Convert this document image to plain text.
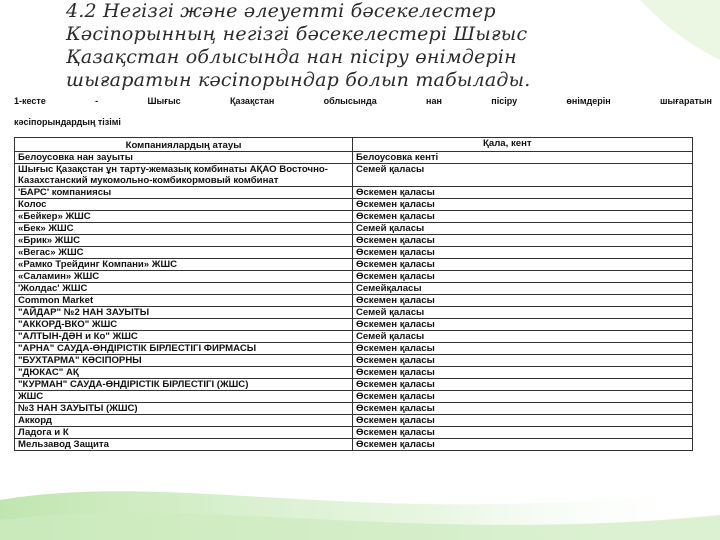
4.2 Негізгі және әлеуетті бәсекелестер
Кәсіпорынның негізгі бәсекелестері Шығыс
Қазақстан облысында нан пісіру өнімдерін
шығаратын кәсіпорындар болып табылады.
1-кесте	-	Шығыс	Қазақстан	облысында	нан	пісіру	өнімдерін	шығаратын
кәсіпорындардың тізімі
Компаниялардың атауы	Қала, кент
Белоусовка нан зауыты	Белоусовка кенті
Шығыс Қазақстан ұн тарту-жемазық комбинаты АҚАО Восточно-Казахстанский мукомольно-комбикормовый комбинат	Семей қаласы
'БАРС' компаниясы	Өскемен қаласы
Колос	Өскемен қаласы
«Бейкер» ЖШС	Өскемен қаласы
«Бек» ЖШС	Семей қаласы
«Брик» ЖШС	Өскемен қаласы
«Вегас» ЖШС	Өскемен қаласы
«Рамко Трейдинг Компани» ЖШС	Өскемен қаласы
«Саламин» ЖШС	Өскемен қаласы
'Жолдас' ЖШС	Семейқаласы
Common Market	Өскемен қаласы
"АЙДАР" №2 НАН ЗАУЫТЫ	Семей қаласы
"АККОРД-ВКО" ЖШС	Өскемен қаласы
"АЛТЫН-ДӘН и Ко" ЖШС	Семей қаласы
"АРНА" САУДА-ӨНДІРІСТІК БІРЛЕСТІГІ ФИРМАСЫ	Өскемен қаласы
"БУХТАРМА" КӘСІПОРНЫ	Өскемен қаласы
"ДЮКАС" АҚ	Өскемен қаласы
"КУРМАН" САУДА-ӨНДІРІСТІК БІРЛЕСТІГІ (ЖШС)	Өскемен қаласы
ЖШС	Өскемен қаласы
№3 НАН ЗАУЫТЫ (ЖШС)	Өскемен қаласы
Аккорд	Өскемен қаласы
Ладога и К	Өскемен қаласы
Мельзавод Защита	Өскемен қаласы
